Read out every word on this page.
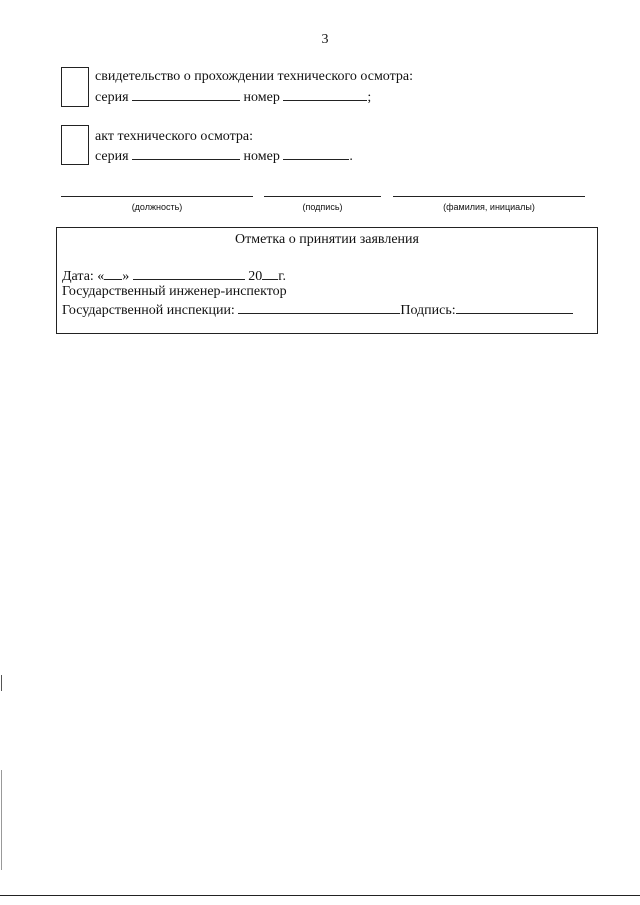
3
свидетельство о прохождении технического осмотра:
серия	номер	;
акт технического осмотра:
серия	номер	.
(должность)	(подпись)	(фамилия, инициалы)
Отметка о принятии заявления
Дата: « »	20 г.
Государственный инженер-инспектор
Государственной инспекции:	Подпись:
